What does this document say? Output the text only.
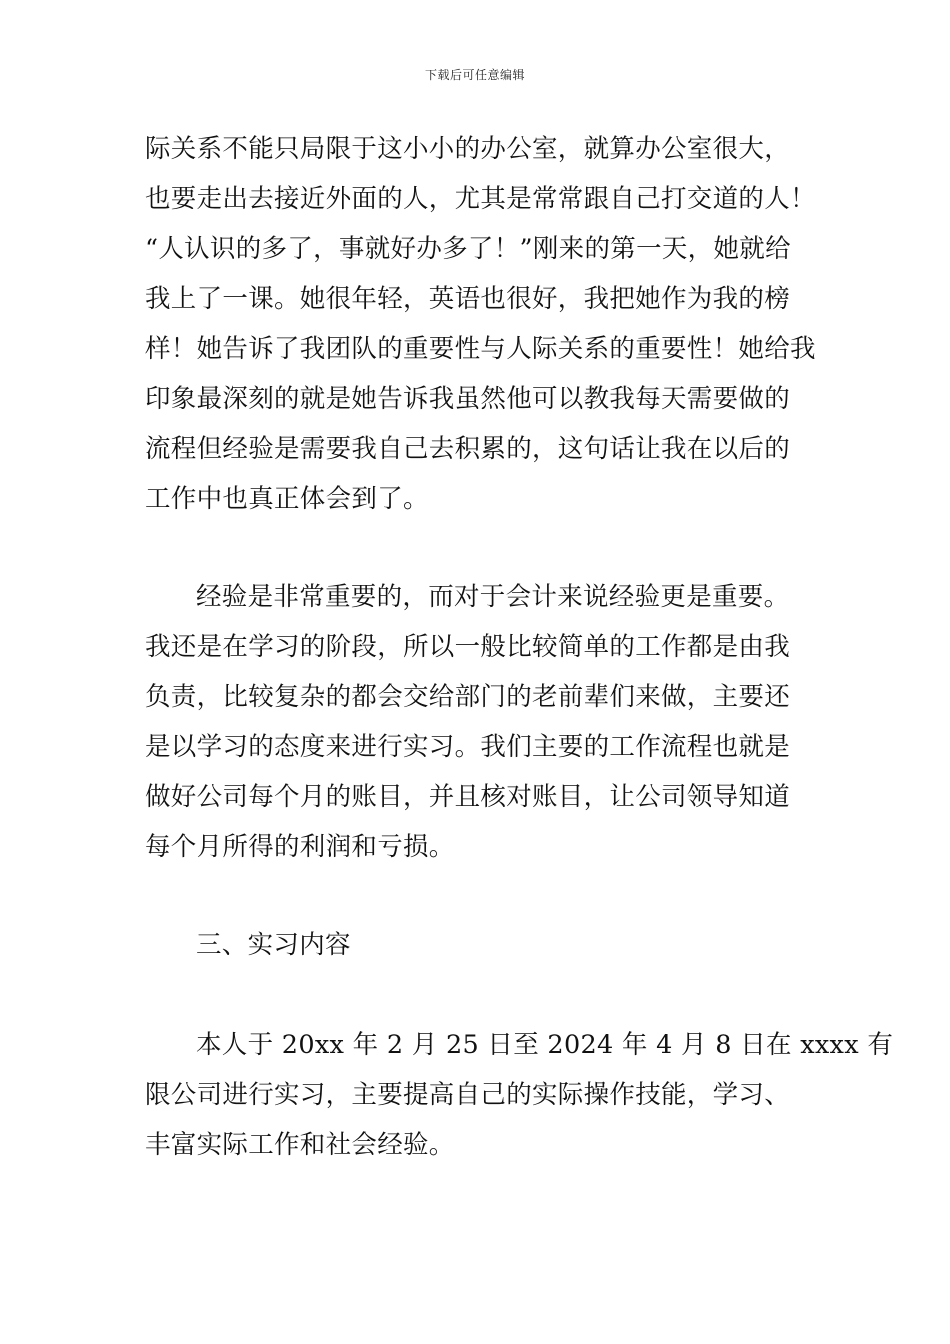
下载后可任意编辑
际关系不能只局限于这小小的办公室，就算办公室很大，
也要走出去接近外面的人，尤其是常常跟自己打交道的人！
“人认识的多了，事就好办多了！”刚来的第一天，她就给
我上了一课。她很年轻，英语也很好，我把她作为我的榜
样！她告诉了我团队的重要性与人际关系的重要性！她给我
印象最深刻的就是她告诉我虽然他可以教我每天需要做的
流程但经验是需要我自己去积累的，这句话让我在以后的
工作中也真正体会到了。
经验是非常重要的，而对于会计来说经验更是重要。
我还是在学习的阶段，所以一般比较简单的工作都是由我
负责，比较复杂的都会交给部门的老前辈们来做，主要还
是以学习的态度来进行实习。我们主要的工作流程也就是
做好公司每个月的账目，并且核对账目，让公司领导知道
每个月所得的利润和亏损。
三、实习内容
本人于 20xx 年 2 月 25 日至 2024 年 4 月 8 日在 xxxx 有
限公司进行实习，主要提高自己的实际操作技能，学习、
丰富实际工作和社会经验。
